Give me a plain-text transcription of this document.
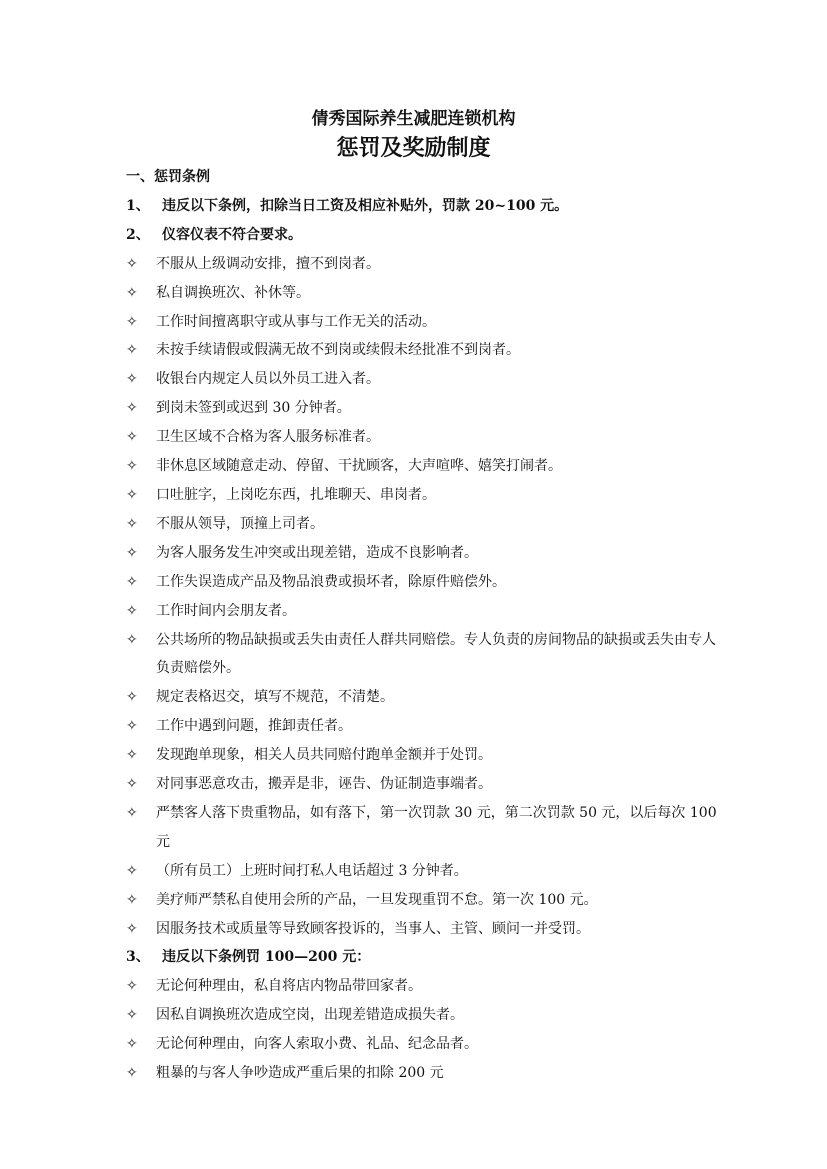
倩秀国际养生减肥连锁机构
惩罚及奖励制度
一、惩罚条例
1、 违反以下条例，扣除当日工资及相应补贴外，罚款 20~100 元。
2、 仪容仪表不符合要求。
✧	不服从上级调动安排，擅不到岗者。
✧	私自调换班次、补休等。
✧	工作时间擅离职守或从事与工作无关的活动。
✧	未按手续请假或假满无故不到岗或续假未经批准不到岗者。
✧	收银台内规定人员以外员工进入者。
✧	到岗未签到或迟到 30 分钟者。
✧	卫生区域不合格为客人服务标准者。
✧	非休息区域随意走动、停留、干扰顾客，大声喧哗、嬉笑打闹者。
✧	口吐脏字，上岗吃东西，扎堆聊天、串岗者。
✧	不服从领导，顶撞上司者。
✧	为客人服务发生冲突或出现差错，造成不良影响者。
✧	工作失误造成产品及物品浪费或损坏者，除原件赔偿外。
✧	工作时间内会朋友者。
✧	公共场所的物品缺损或丢失由责任人群共同赔偿。专人负责的房间物品的缺损或丢失由专人负责赔偿外。
✧	规定表格迟交，填写不规范，不清楚。
✧	工作中遇到问题，推卸责任者。
✧	发现跑单现象，相关人员共同赔付跑单金额并于处罚。
✧	对同事恶意攻击，搬弄是非，诬告、伪证制造事端者。
✧	严禁客人落下贵重物品，如有落下，第一次罚款 30 元，第二次罚款 50 元，以后每次 100 元
✧	（所有员工）上班时间打私人电话超过 3 分钟者。
✧	美疗师严禁私自使用会所的产品，一旦发现重罚不怠。第一次 100 元。
✧	因服务技术或质量等导致顾客投诉的，当事人、主管、顾问一并受罚。
3、 违反以下条例罚 100—200 元：
✧	无论何种理由，私自将店内物品带回家者。
✧	因私自调换班次造成空岗，出现差错造成损失者。
✧	无论何种理由，向客人索取小费、礼品、纪念品者。
✧	粗暴的与客人争吵造成严重后果的扣除 200 元
